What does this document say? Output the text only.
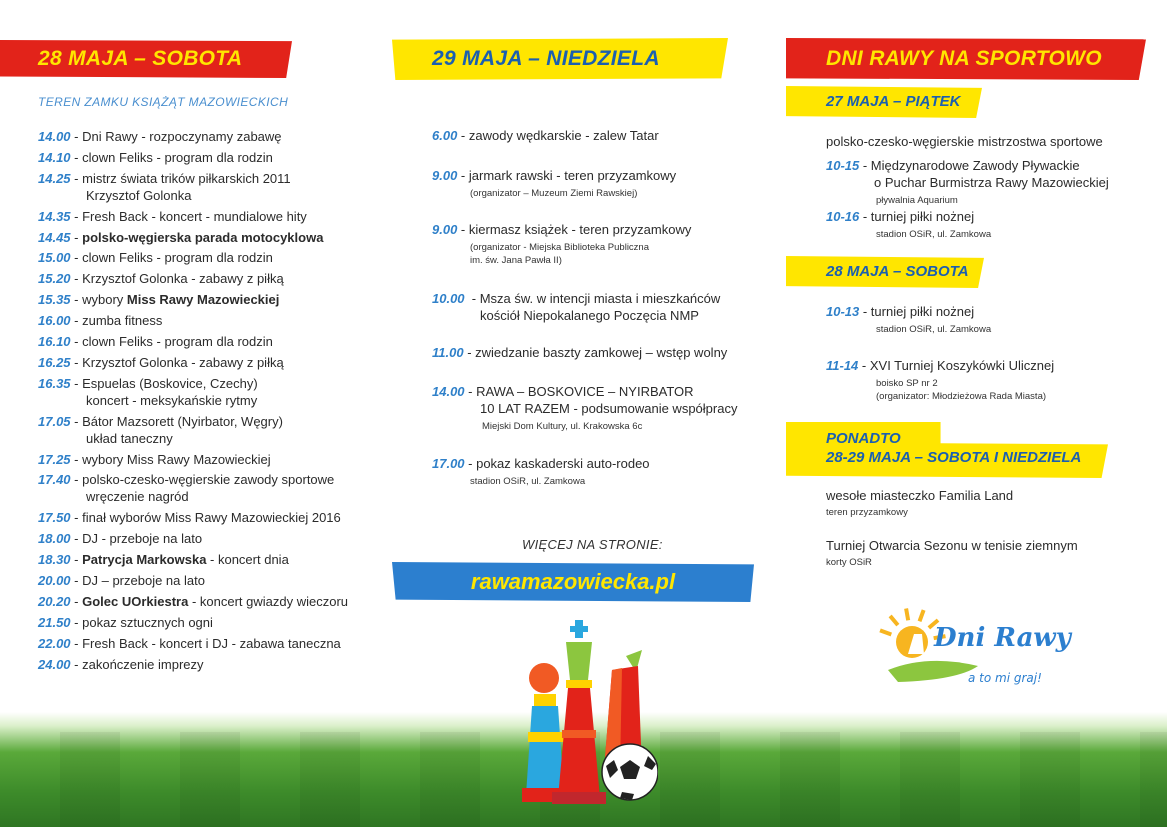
28 MAJA – SOBOTA
TEREN ZAMKU KSIĄŻĄT MAZOWIECKICH
14.00 - Dni Rawy - rozpoczynamy zabawę
14.10 - clown Feliks - program dla rodzin
14.25 - mistrz świata trików piłkarskich 2011
Krzysztof Golonka
14.35 - Fresh Back - koncert - mundialowe hity
14.45 - polsko-węgierska parada motocyklowa
15.00 - clown Feliks - program dla rodzin
15.20 - Krzysztof Golonka - zabawy z piłką
15.35 - wybory Miss Rawy Mazowieckiej
16.00 - zumba fitness
16.10 - clown Feliks - program dla rodzin
16.25 - Krzysztof Golonka - zabawy z piłką
16.35 - Espuelas (Boskovice, Czechy)
koncert - meksykańskie rytmy
17.05 - Bátor Mazsorett (Nyirbator, Węgry)
układ taneczny
17.25 - wybory Miss Rawy Mazowieckiej
17.40 - polsko-czesko-węgierskie zawody sportowe
wręczenie nagród
17.50 - finał wyborów Miss Rawy Mazowieckiej 2016
18.00 - DJ - przeboje na lato
18.30 - Patrycja Markowska - koncert dnia
20.00 - DJ – przeboje na lato
20.20 - Golec UOrkiestra - koncert gwiazdy wieczoru
21.50 - pokaz sztucznych ogni
22.00 - Fresh Back - koncert i DJ - zabawa taneczna
24.00 - zakończenie imprezy
29 MAJA – NIEDZIELA
6.00 - zawody wędkarskie - zalew Tatar
9.00 - jarmark rawski - teren przyzamkowy
(organizator – Muzeum Ziemi Rawskiej)
9.00 - kiermasz książek - teren przyzamkowy
(organizator - Miejska Biblioteka Publiczna
im. św. Jana Pawła II)
10.00  - Msza św. w intencji miasta i mieszkańców
kościół Niepokalanego Poczęcia NMP
11.00 - zwiedzanie baszty zamkowej – wstęp wolny
14.00 - RAWA – BOSKOVICE – NYIRBATOR
10 LAT RAZEM - podsumowanie współpracy
Miejski Dom Kultury, ul. Krakowska 6c
17.00 - pokaz kaskaderski auto-rodeo
stadion OSiR, ul. Zamkowa
WIĘCEJ NA STRONIE:
rawamazowiecka.pl
DNI RAWY NA SPORTOWO
27 MAJA – PIĄTEK
polsko-czesko-węgierskie mistrzostwa sportowe
10-15 - Międzynarodowe Zawody Pływackie
o Puchar Burmistrza Rawy Mazowieckiej
pływalnia Aquarium
10-16 - turniej piłki nożnej
stadion OSiR, ul. Zamkowa
28 MAJA – SOBOTA
10-13 - turniej piłki nożnej
stadion OSiR, ul. Zamkowa
11-14 - XVI Turniej Koszykówki Ulicznej
boisko SP nr 2
(organizator: Młodzieżowa Rada Miasta)
PONADTO
28-29 MAJA – SOBOTA I NIEDZIELA
wesołe miasteczko Familia Land
teren przyzamkowy
Turniej Otwarcia Sezonu w tenisie ziemnym
korty OSiR
Dni Rawy
a to mi graj!
